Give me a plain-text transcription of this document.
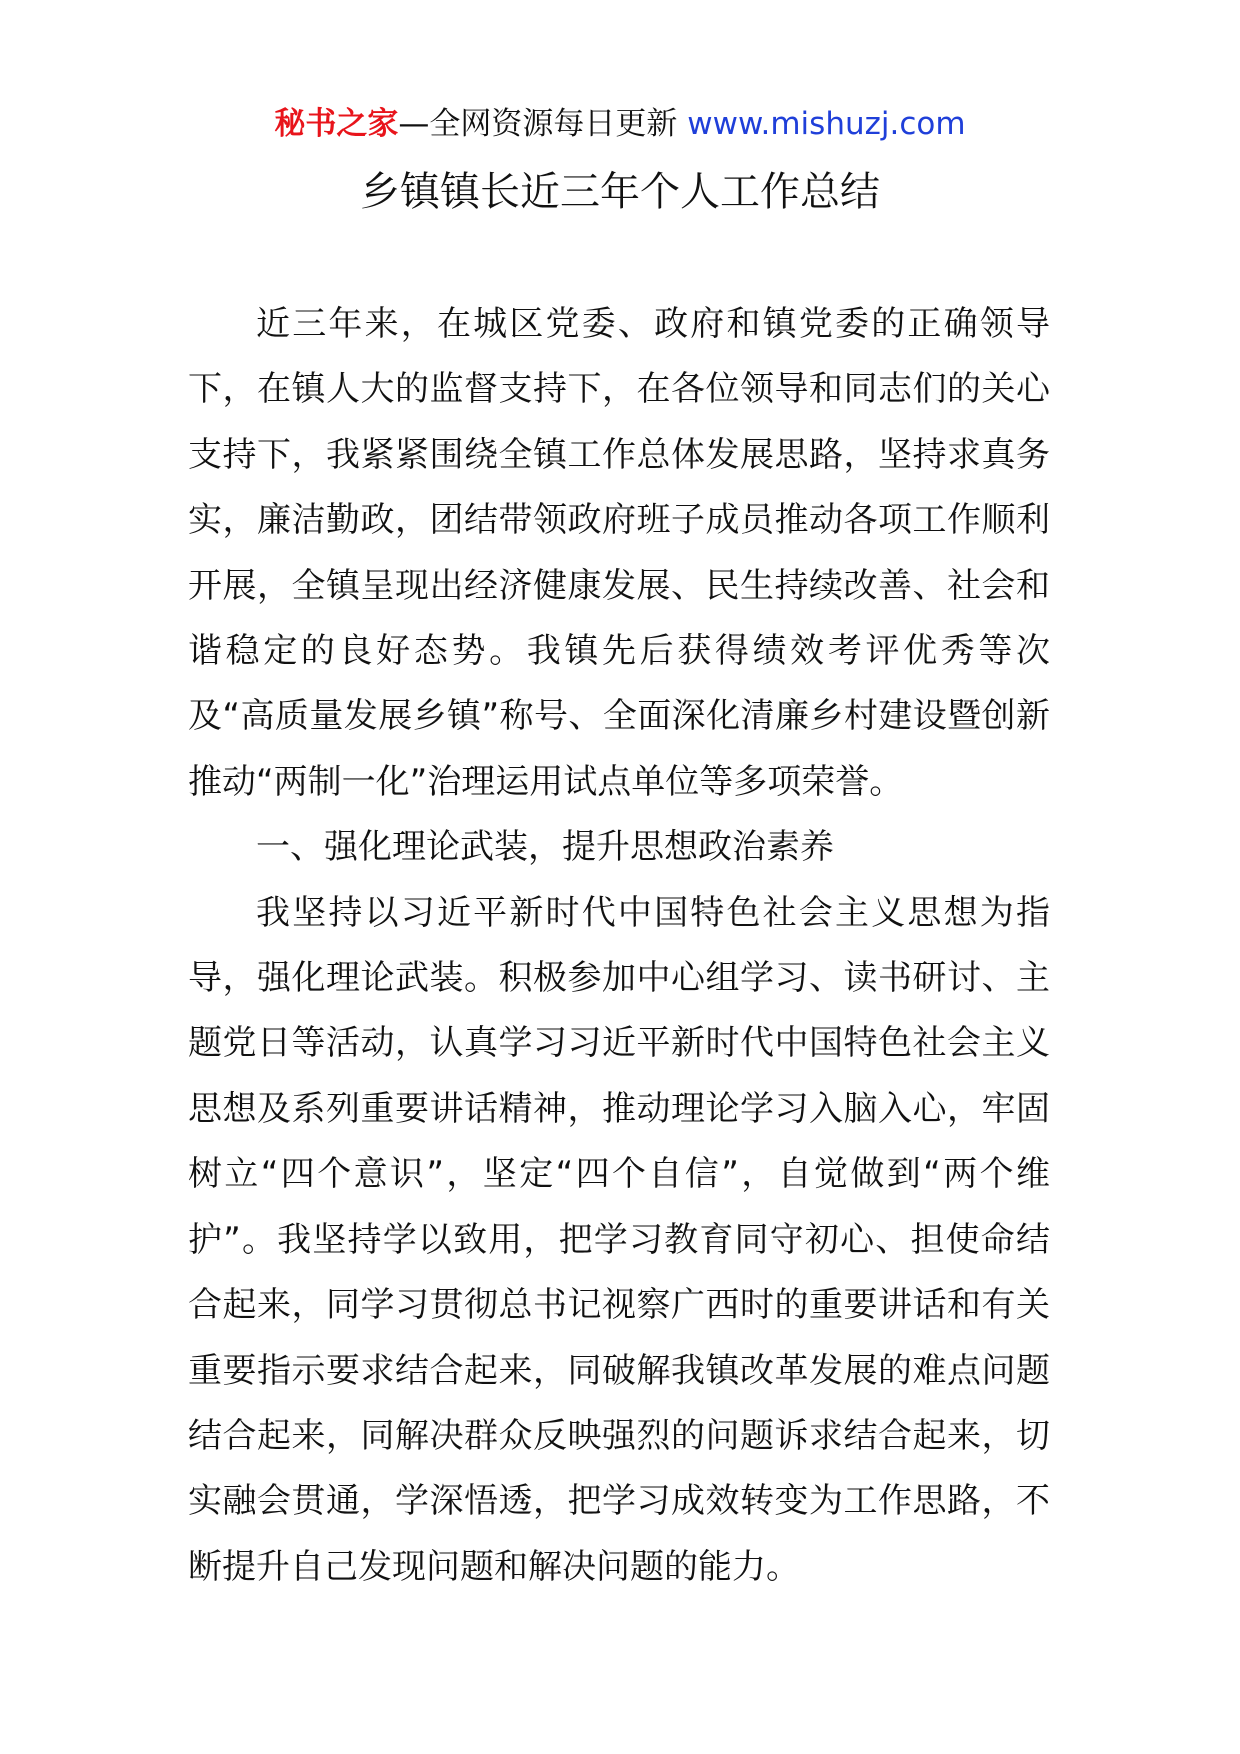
秘书之家—全网资源每日更新 www.mishuzj.com
乡镇镇长近三年个人工作总结

近三年来，在城区党委、政府和镇党委的正确领导下，在镇人大的监督支持下，在各位领导和同志们的关心支持下，我紧紧围绕全镇工作总体发展思路，坚持求真务实，廉洁勤政，团结带领政府班子成员推动各项工作顺利开展，全镇呈现出经济健康发展、民生持续改善、社会和谐稳定的良好态势。我镇先后获得绩效考评优秀等次及“高质量发展乡镇”称号、全面深化清廉乡村建设暨创新推动“两制一化”治理运用试点单位等多项荣誉。

一、强化理论武装，提升思想政治素养

我坚持以习近平新时代中国特色社会主义思想为指导，强化理论武装。积极参加中心组学习、读书研讨、主题党日等活动，认真学习习近平新时代中国特色社会主义思想及系列重要讲话精神，推动理论学习入脑入心，牢固树立“四个意识”，坚定“四个自信”，自觉做到“两个维护”。我坚持学以致用，把学习教育同守初心、担使命结合起来，同学习贯彻总书记视察广西时的重要讲话和有关重要指示要求结合起来，同破解我镇改革发展的难点问题结合起来，同解决群众反映强烈的问题诉求结合起来，切实融会贯通，学深悟透，把学习成效转变为工作思路，不断提升自己发现问题和解决问题的能力。
